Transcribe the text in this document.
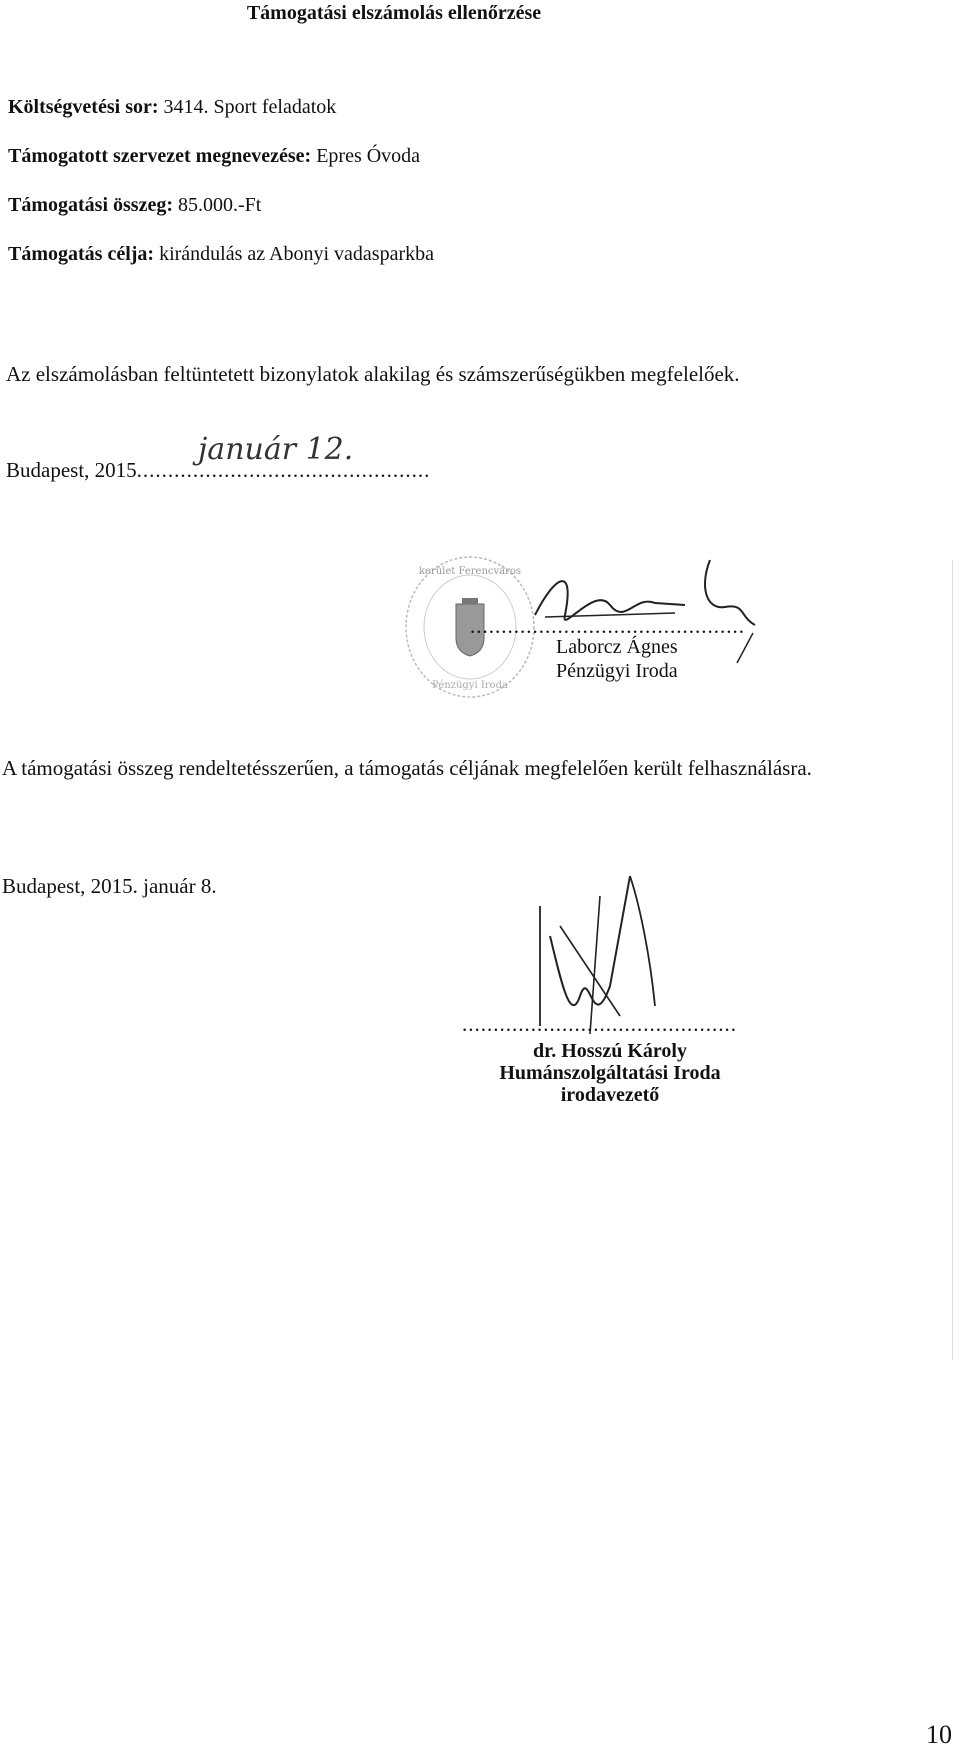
Támogatási elszámolás ellenőrzése
Költségvetési sor: 3414. Sport feladatok
Támogatott szervezet megnevezése: Epres Óvoda
Támogatási összeg: 85.000.-Ft
Támogatás célja: kirándulás az Abonyi vadasparkba
Az elszámolásban feltüntetett bizonylatok alakilag és számszerűségükben megfelelőek.
Budapest, 2015...............................................
január 12.
kerület Ferencváros
Pénzügyi Iroda
............................................
Laborcz Ágnes
Pénzügyi Iroda
A támogatási összeg rendeltetésszerűen, a támogatás céljának megfelelően került felhasználásra.
Budapest, 2015. január 8.
............................................
dr. Hosszú Károly
Humánszolgáltatási Iroda
irodavezető
10
